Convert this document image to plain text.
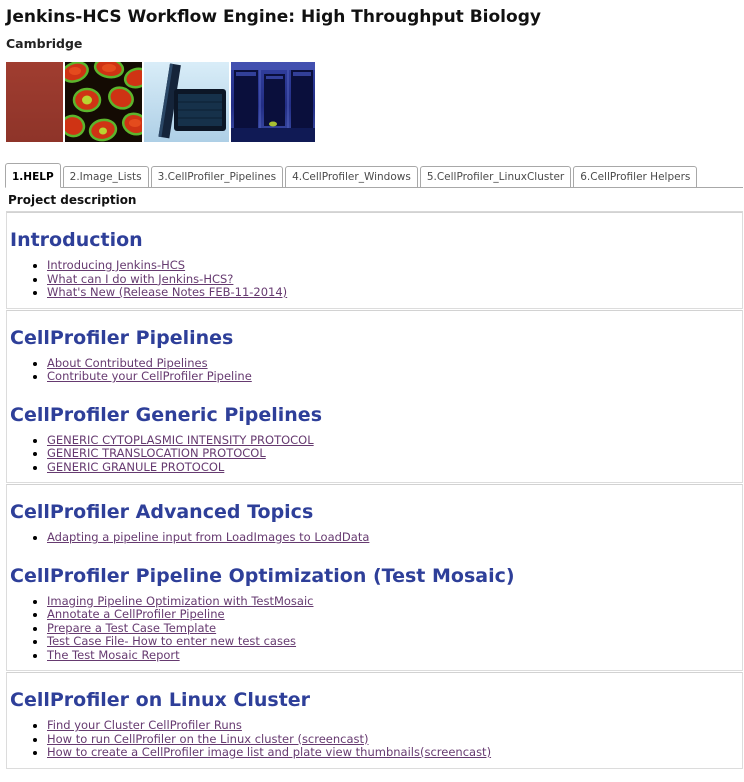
Jenkins-HCS Workflow Engine: High Throughput Biology
Cambridge
1.HELP	2.Image_Lists	3.CellProfiler_Pipelines	4.CellProfiler_Windows	5.CellProfiler_LinuxCluster	6.CellProfiler Helpers
Project description
Introduction
• Introducing Jenkins-HCS
• What can I do with Jenkins-HCS?
• What's New (Release Notes FEB-11-2014)
CellProfiler Pipelines
• About Contributed Pipelines
• Contribute your CellProfiler Pipeline
CellProfiler Generic Pipelines
• GENERIC CYTOPLASMIC INTENSITY PROTOCOL
• GENERIC TRANSLOCATION PROTOCOL
• GENERIC GRANULE PROTOCOL
CellProfiler Advanced Topics
• Adapting a pipeline input from LoadImages to LoadData
CellProfiler Pipeline Optimization (Test Mosaic)
• Imaging Pipeline Optimization with TestMosaic
• Annotate a CellProfiler Pipeline
• Prepare a Test Case Template
• Test Case File- How to enter new test cases
• The Test Mosaic Report
CellProfiler on Linux Cluster
• Find your Cluster CellProfiler Runs
• How to run CellProfiler on the Linux cluster (screencast)
• How to create a CellProfiler image list and plate view thumbnails(screencast)
